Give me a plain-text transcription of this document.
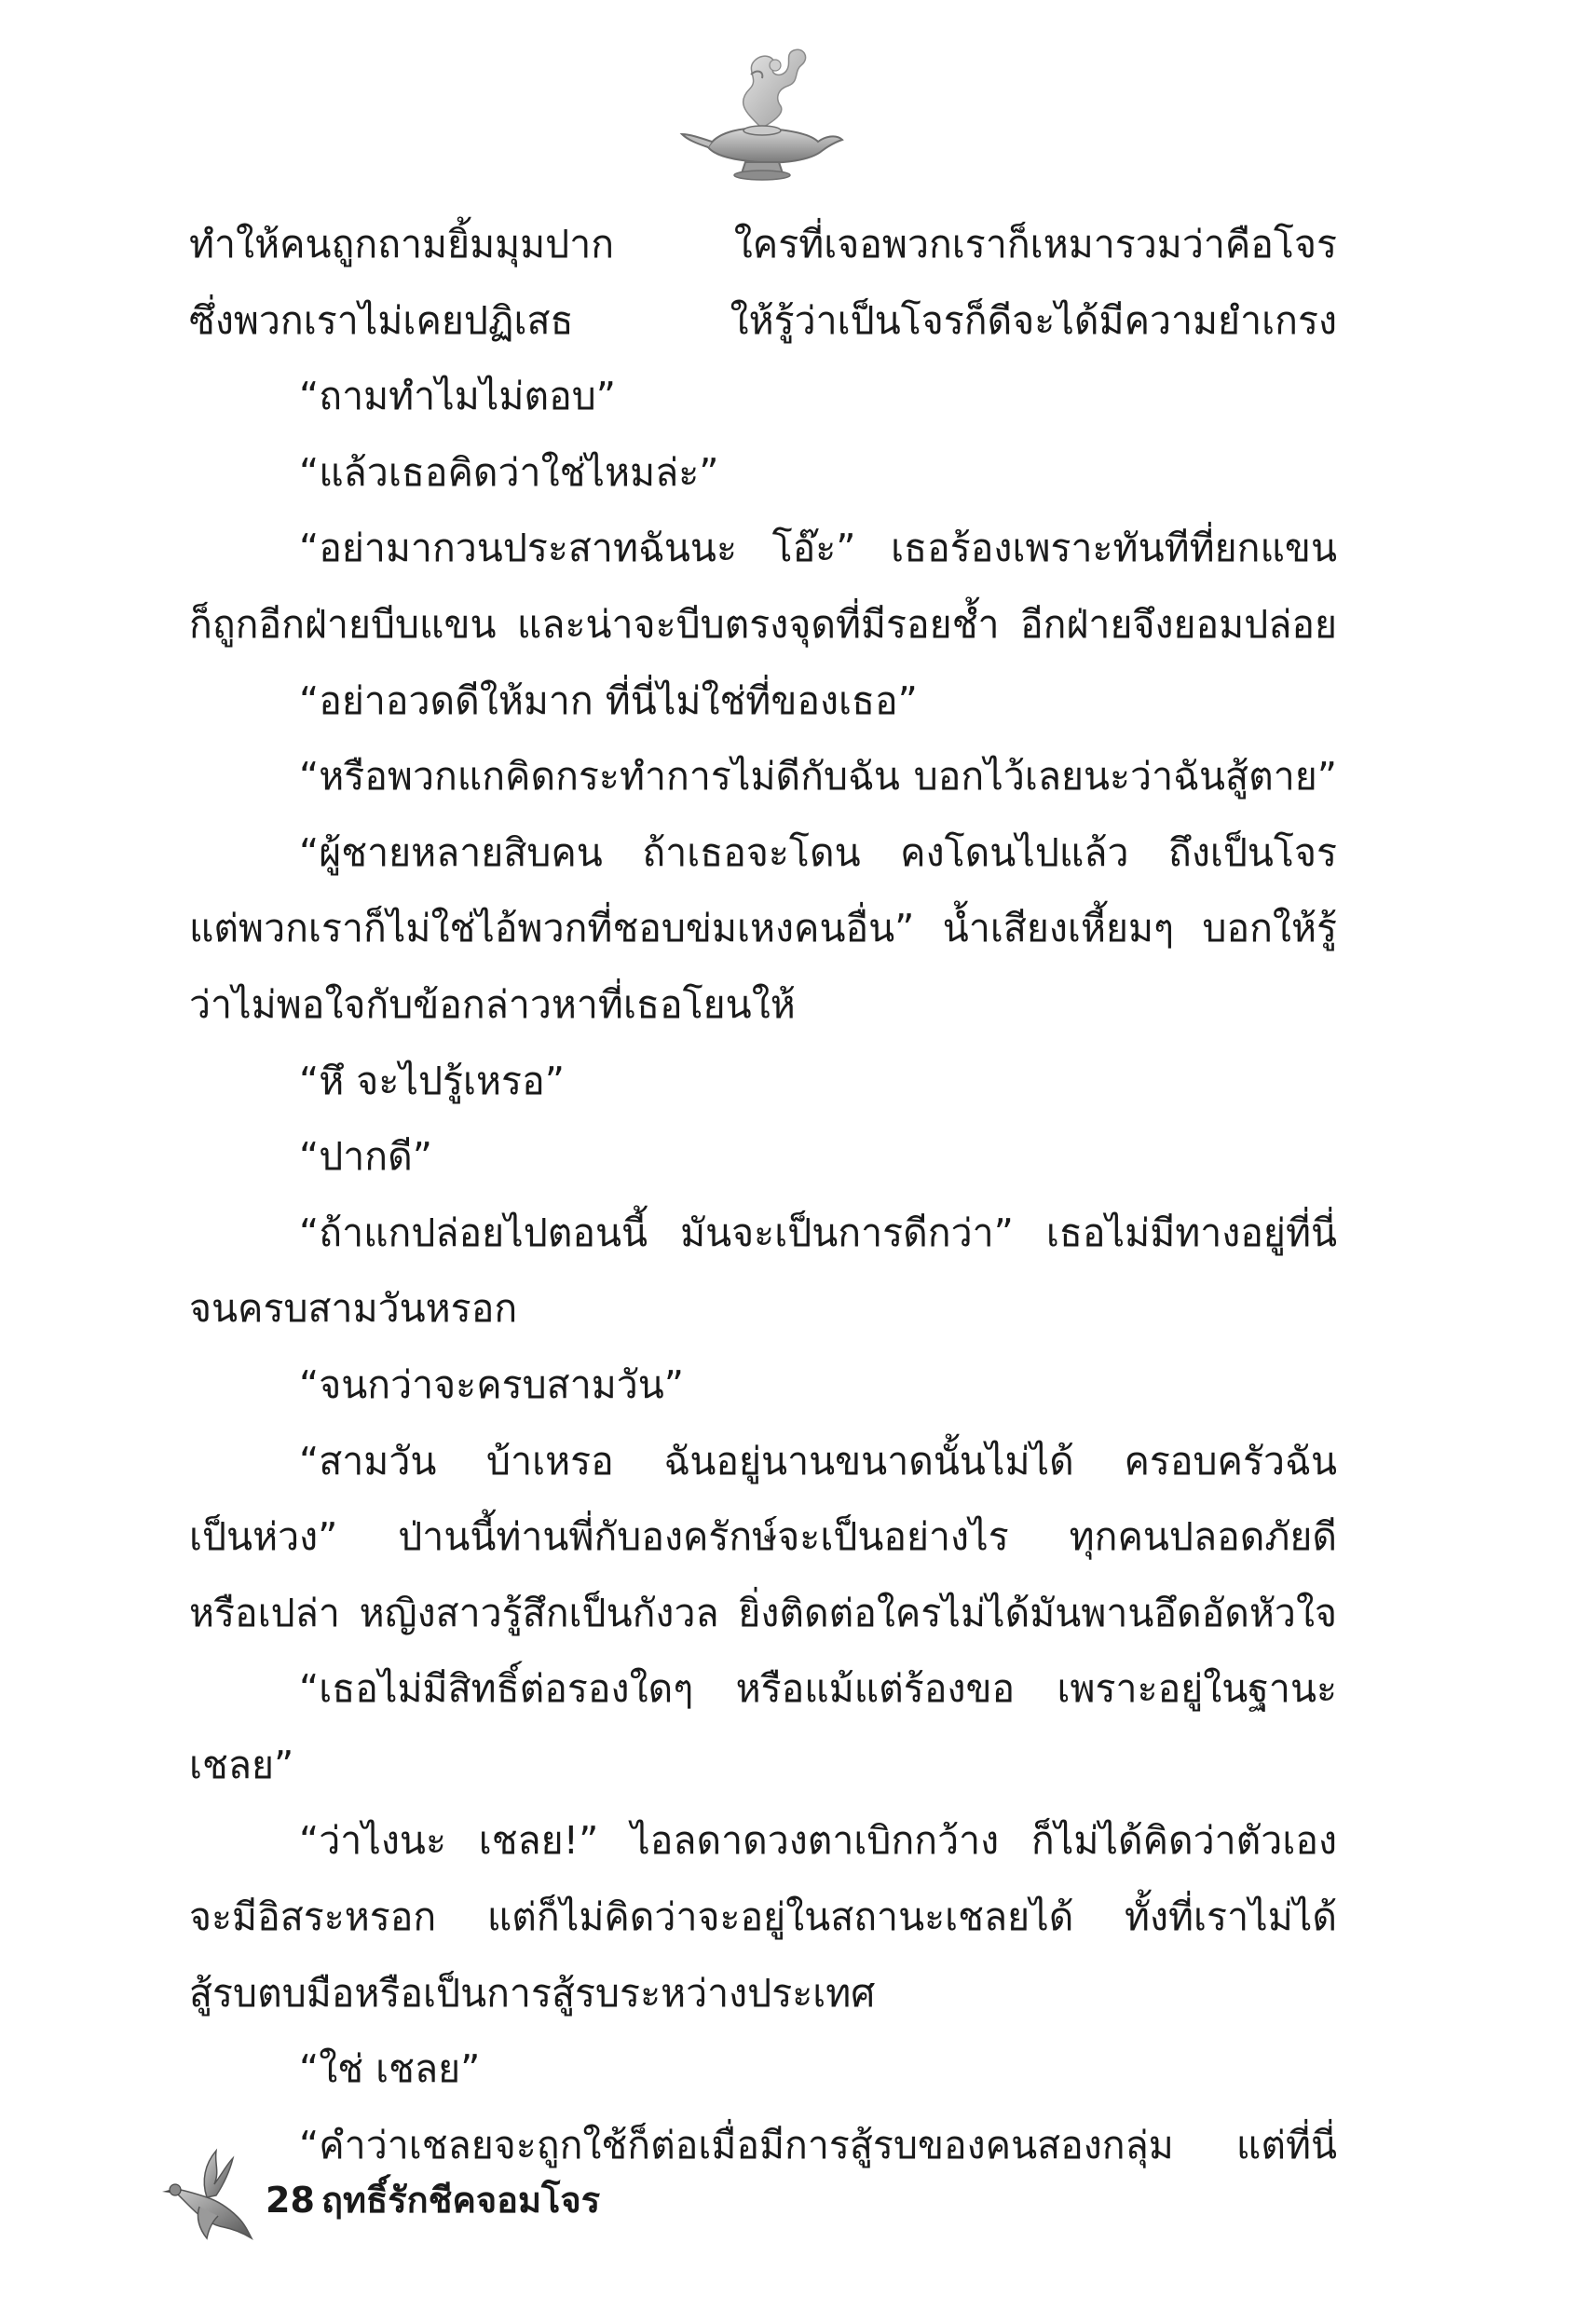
ทำให้คนถูกถามยิ้มมุมปาก ใครที่เจอพวกเราก็เหมารวมว่าคือโจร
ซึ่งพวกเราไม่เคยปฏิเสธ ให้รู้ว่าเป็นโจรก็ดีจะได้มีความยำเกรง
“ถามทำไมไม่ตอบ”
“แล้วเธอคิดว่าใช่ไหมล่ะ”
“อย่ามากวนประสาทฉันนะ โอ๊ะ” เธอร้องเพราะทันทีที่ยกแขน
ก็ถูกอีกฝ่ายบีบแขน และน่าจะบีบตรงจุดที่มีรอยช้ำ อีกฝ่ายจึงยอมปล่อย
“อย่าอวดดีให้มาก ที่นี่ไม่ใช่ที่ของเธอ”
“หรือพวกแกคิดกระทำการไม่ดีกับฉัน บอกไว้เลยนะว่าฉันสู้ตาย”
“ผู้ชายหลายสิบคน ถ้าเธอจะโดน คงโดนไปแล้ว ถึงเป็นโจร
แต่พวกเราก็ไม่ใช่ไอ้พวกที่ชอบข่มเหงคนอื่น” น้ำเสียงเหี้ยมๆ บอกให้รู้
ว่าไม่พอใจกับข้อกล่าวหาที่เธอโยนให้
“หึ จะไปรู้เหรอ”
“ปากดี”
“ถ้าแกปล่อยไปตอนนี้ มันจะเป็นการดีกว่า” เธอไม่มีทางอยู่ที่นี่
จนครบสามวันหรอก
“จนกว่าจะครบสามวัน”
“สามวัน บ้าเหรอ ฉันอยู่นานขนาดนั้นไม่ได้ ครอบครัวฉัน
เป็นห่วง” ป่านนี้ท่านพี่กับองครักษ์จะเป็นอย่างไร ทุกคนปลอดภัยดี
หรือเปล่า หญิงสาวรู้สึกเป็นกังวล ยิ่งติดต่อใครไม่ได้มันพานอึดอัดหัวใจ
“เธอไม่มีสิทธิ์ต่อรองใดๆ หรือแม้แต่ร้องขอ เพราะอยู่ในฐานะ
เชลย”
“ว่าไงนะ เชลย!” ไอลดาดวงตาเบิกกว้าง ก็ไม่ได้คิดว่าตัวเอง
จะมีอิสระหรอก แต่ก็ไม่คิดว่าจะอยู่ในสถานะเชลยได้ ทั้งที่เราไม่ได้
สู้รบตบมือหรือเป็นการสู้รบระหว่างประเทศ
“ใช่ เชลย”
“คำว่าเชลยจะถูกใช้ก็ต่อเมื่อมีการสู้รบของคนสองกลุ่ม แต่ที่นี่
28 ฤทธิ์รักชีคจอมโจร
